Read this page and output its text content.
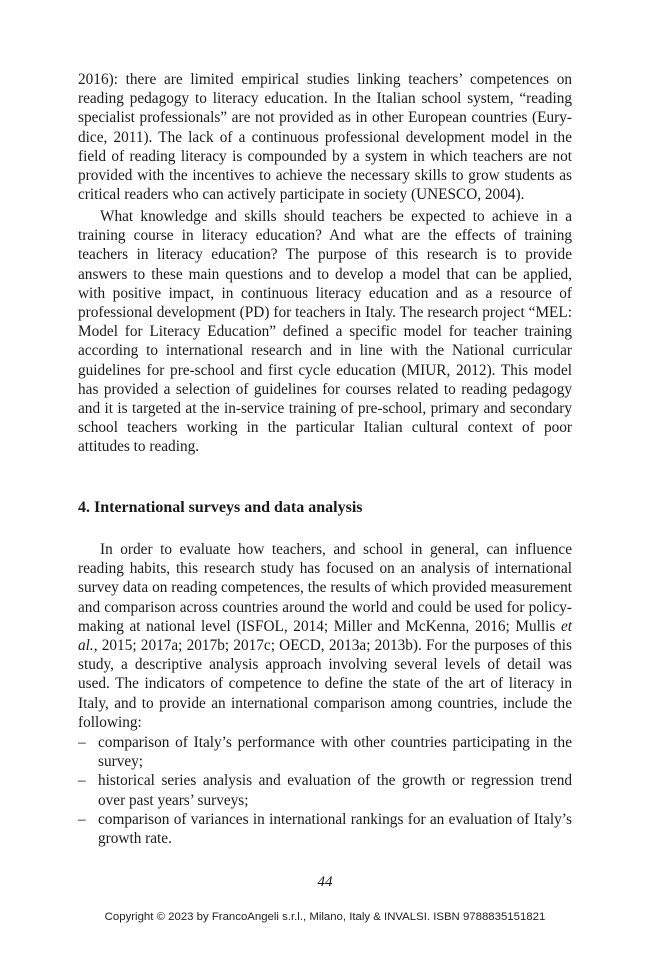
2016): there are limited empirical studies linking teachers’ competences on reading pedagogy to literacy education. In the Italian school system, “reading specialist professionals” are not provided as in other European countries (Eurydice, 2011). The lack of a continuous professional development model in the field of reading literacy is compounded by a system in which teachers are not provided with the incentives to achieve the necessary skills to grow students as critical readers who can actively participate in society (UNESCO, 2004).

What knowledge and skills should teachers be expected to achieve in a training course in literacy education? And what are the effects of training teachers in literacy education? The purpose of this research is to provide answers to these main questions and to develop a model that can be applied, with positive impact, in continuous literacy education and as a resource of professional development (PD) for teachers in Italy. The research project “MEL: Model for Literacy Education” defined a specific model for teacher training according to international research and in line with the National curricular guidelines for pre-school and first cycle education (MIUR, 2012). This model has provided a selection of guidelines for courses related to reading pedagogy and it is targeted at the in-service training of pre-school, primary and secondary school teachers working in the particular Italian cultural context of poor attitudes to reading.

4. International surveys and data analysis

In order to evaluate how teachers, and school in general, can influence reading habits, this research study has focused on an analysis of international survey data on reading competences, the results of which provided measurement and comparison across countries around the world and could be used for policy-making at national level (ISFOL, 2014; Miller and McKenna, 2016; Mullis et al., 2015; 2017a; 2017b; 2017c; OECD, 2013a; 2013b). For the purposes of this study, a descriptive analysis approach involving several levels of detail was used. The indicators of competence to define the state of the art of literacy in Italy, and to provide an international comparison among countries, include the following:

– comparison of Italy’s performance with other countries participating in the survey;
– historical series analysis and evaluation of the growth or regression trend over past years’ surveys;
– comparison of variances in international rankings for an evaluation of Italy’s growth rate.
44
Copyright © 2023 by FrancoAngeli s.r.l., Milano, Italy & INVALSI. ISBN 9788835151821
